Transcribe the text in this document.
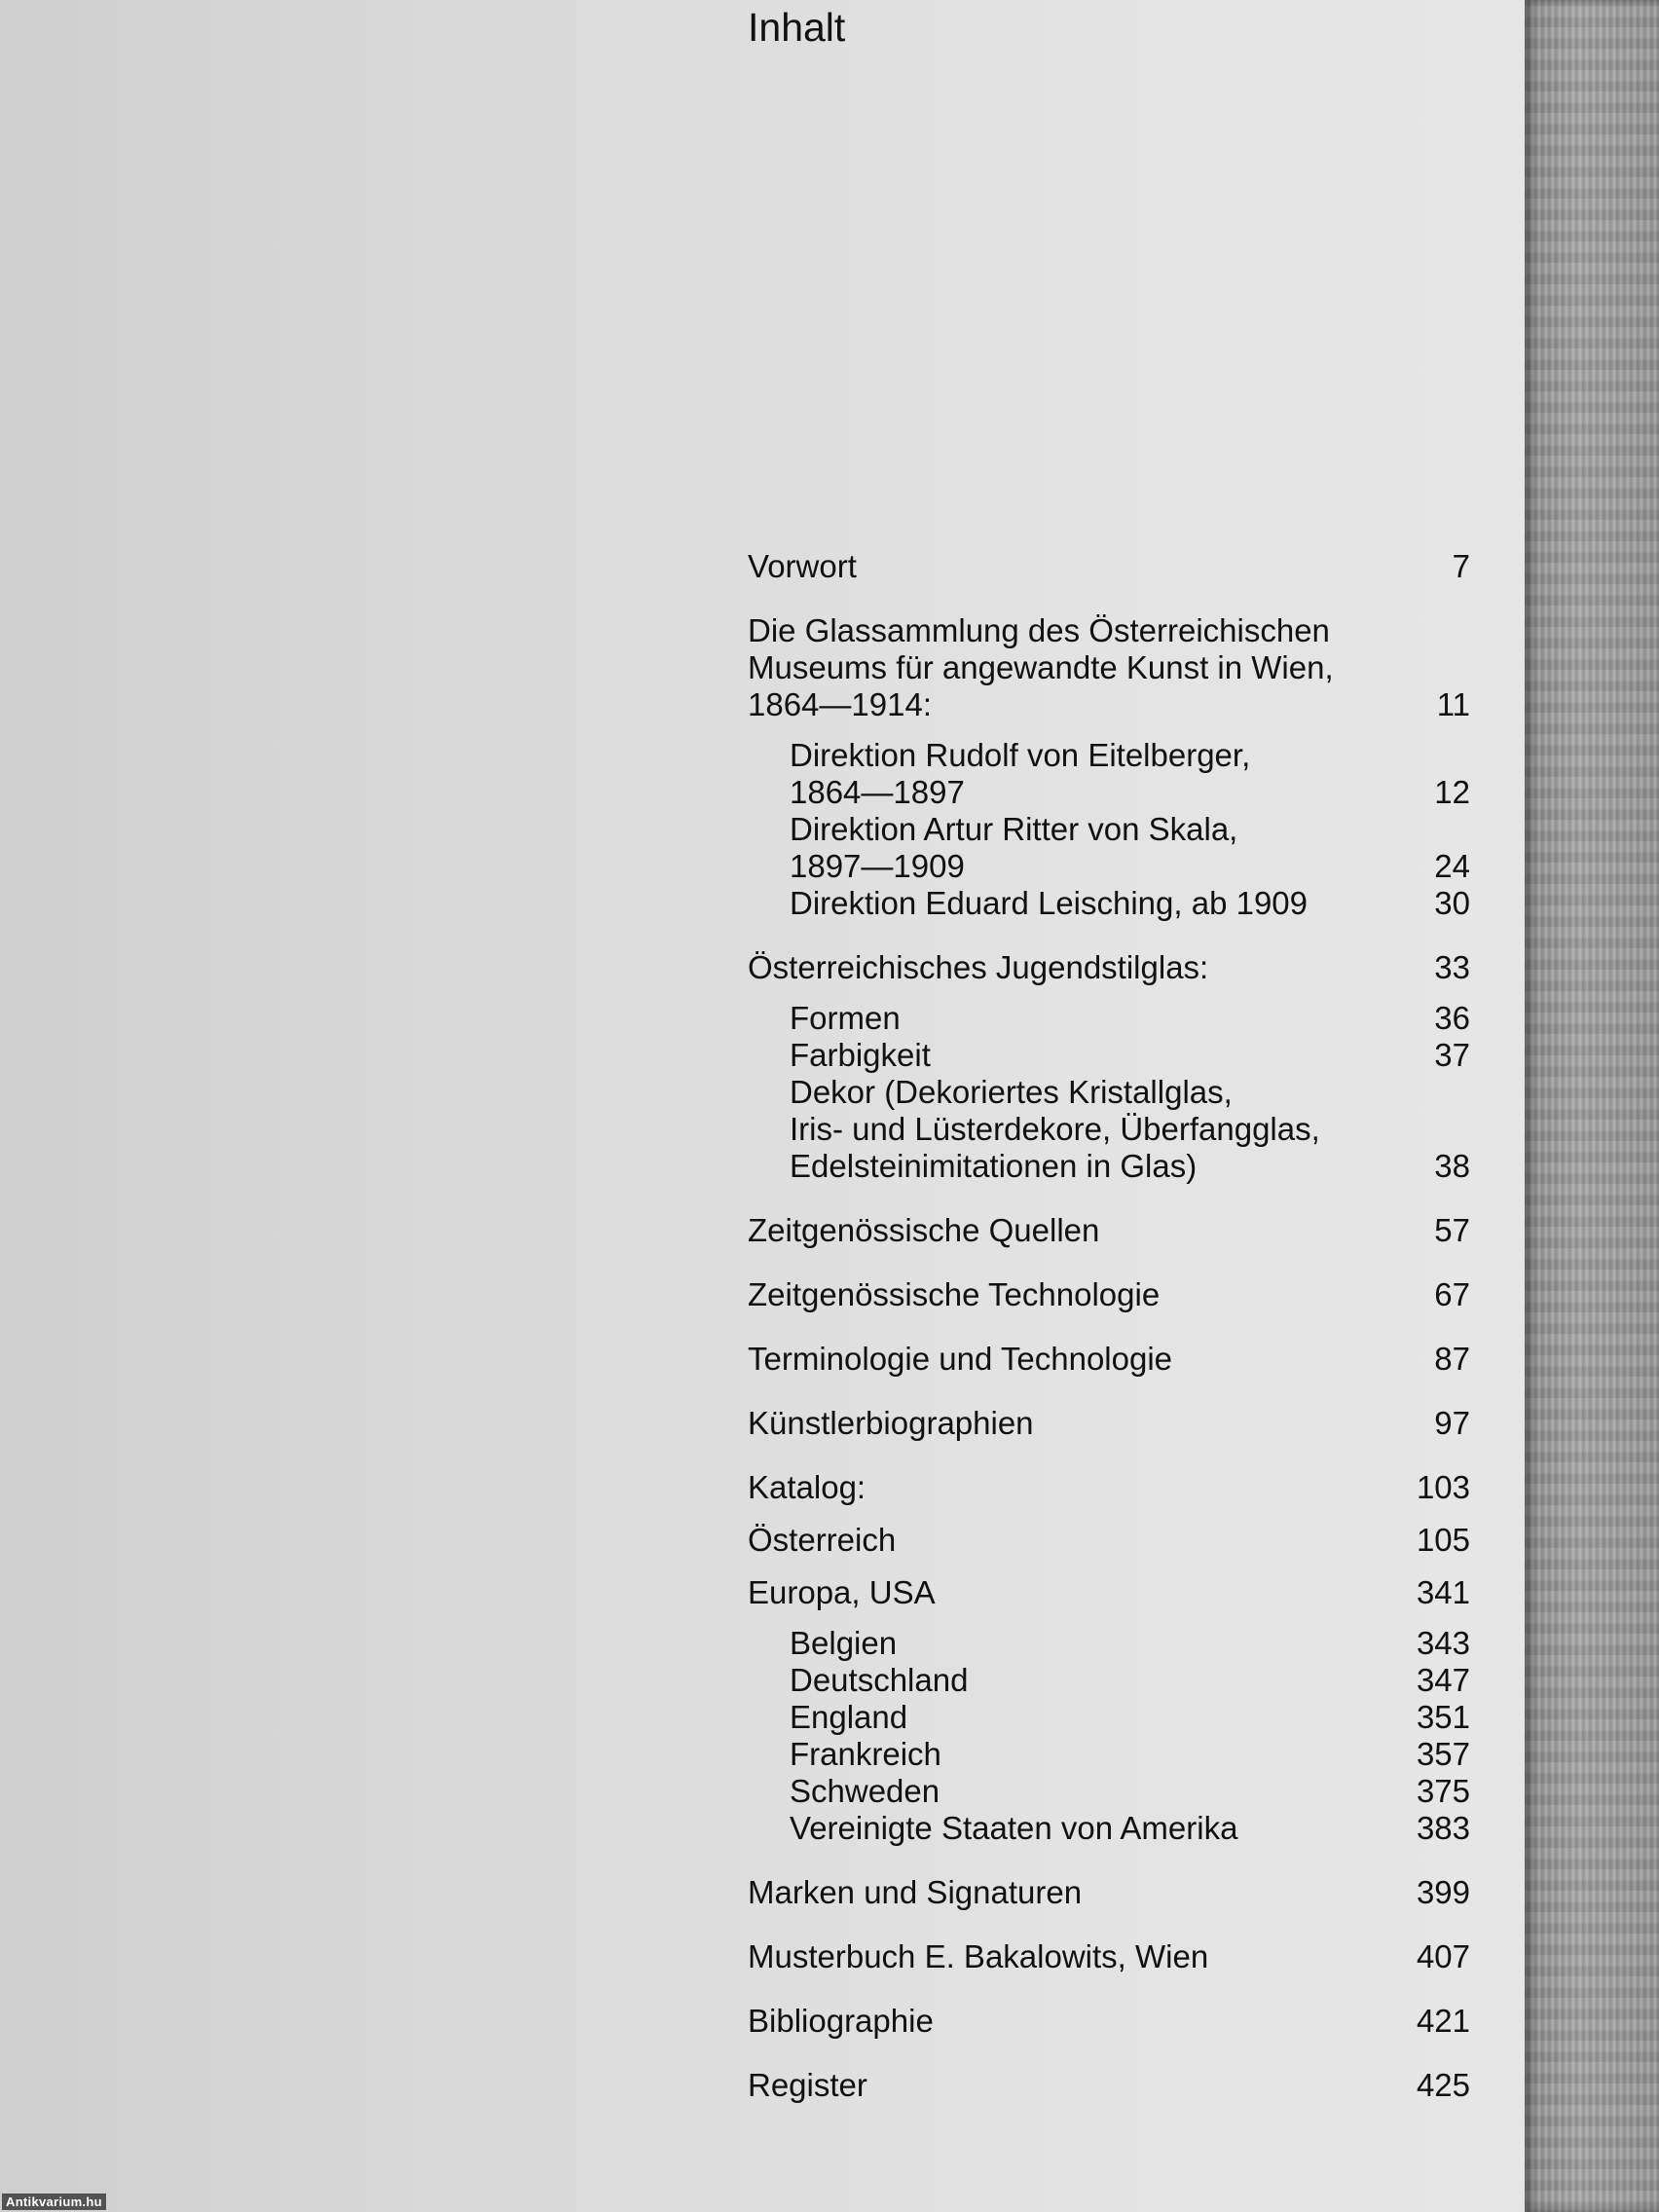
Inhalt
Vorwort	7
Die Glassammlung des Österreichischen
Museums für angewandte Kunst in Wien,
1864—1914:	11
Direktion Rudolf von Eitelberger,
1864—1897	12
Direktion Artur Ritter von Skala,
1897—1909	24
Direktion Eduard Leisching, ab 1909	30
Österreichisches Jugendstilglas:	33
Formen	36
Farbigkeit	37
Dekor (Dekoriertes Kristallglas,
Iris- und Lüsterdekore, Überfangglas,
Edelsteinimitationen in Glas)	38
Zeitgenössische Quellen	57
Zeitgenössische Technologie	67
Terminologie und Technologie	87
Künstlerbiographien	97
Katalog:	103
Österreich	105
Europa, USA	341
Belgien	343
Deutschland	347
England	351
Frankreich	357
Schweden	375
Vereinigte Staaten von Amerika	383
Marken und Signaturen	399
Musterbuch E. Bakalowits, Wien	407
Bibliographie	421
Register	425
Antikvarium.hu
